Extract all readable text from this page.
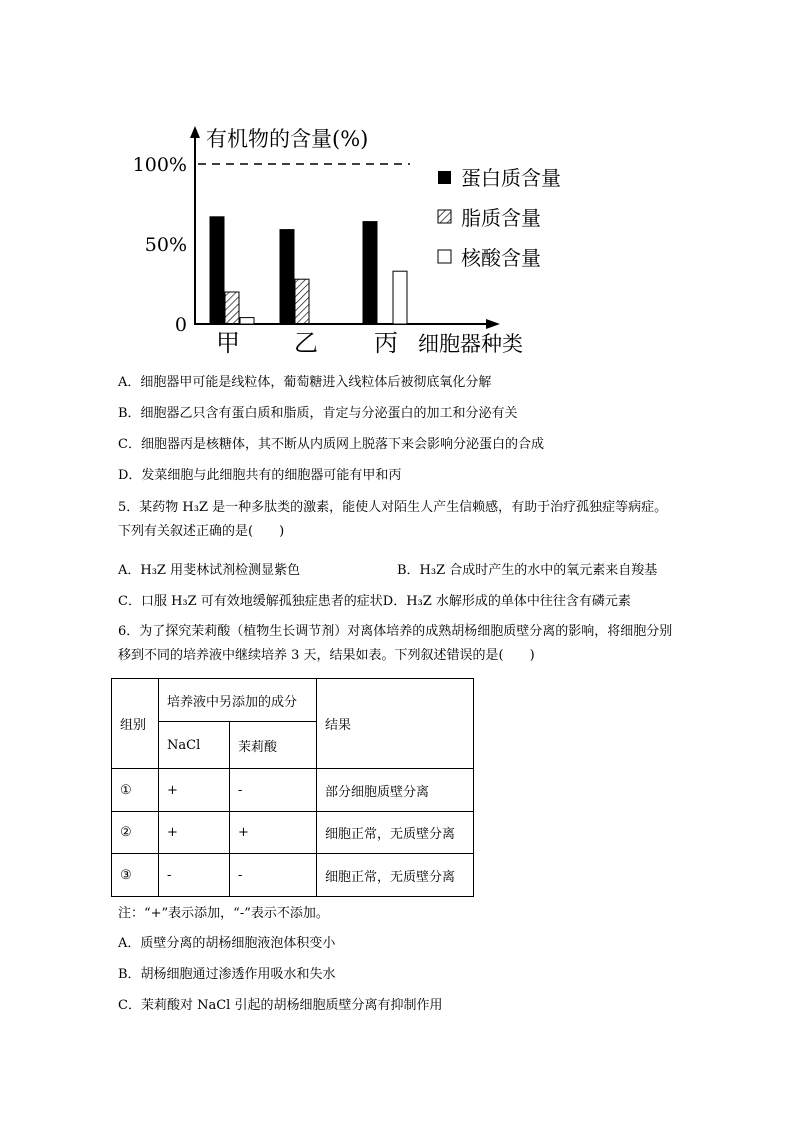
有机物的含量(%)
0
50%
100%
甲 乙 丙 细胞器种类
蛋白质含量
脂质含量
核酸含量
A．细胞器甲可能是线粒体，葡萄糖进入线粒体后被彻底氧化分解
B．细胞器乙只含有蛋白质和脂质，肯定与分泌蛋白的加工和分泌有关
C．细胞器丙是核糖体，其不断从内质网上脱落下来会影响分泌蛋白的合成
D．发菜细胞与此细胞共有的细胞器可能有甲和丙
5．某药物 H₃Z 是一种多肽类的激素，能使人对陌生人产生信赖感，有助于治疗孤独症等病症。下列有关叙述正确的是(　　)
A．H₃Z 用斐林试剂检测显紫色	B．H₃Z 合成时产生的水中的氧元素来自羧基
C．口服 H₃Z 可有效地缓解孤独症患者的症状D．H₃Z 水解形成的单体中往往含有磷元素
6．为了探究茉莉酸（植物生长调节剂）对离体培养的成熟胡杨细胞质壁分离的影响，将细胞分别移到不同的培养液中继续培养 3 天，结果如表。下列叙述错误的是(　　)
组别	培养液中另添加的成分		结果
	NaCl	茉莉酸	
①	+	-	部分细胞质壁分离
②	+	+	细胞正常，无质壁分离
③	-	-	细胞正常，无质壁分离
注：“+”表示添加，“-”表示不添加。
A．质壁分离的胡杨细胞液泡体积变小
B．胡杨细胞通过渗透作用吸水和失水
C．茉莉酸对 NaCl 引起的胡杨细胞质壁分离有抑制作用
